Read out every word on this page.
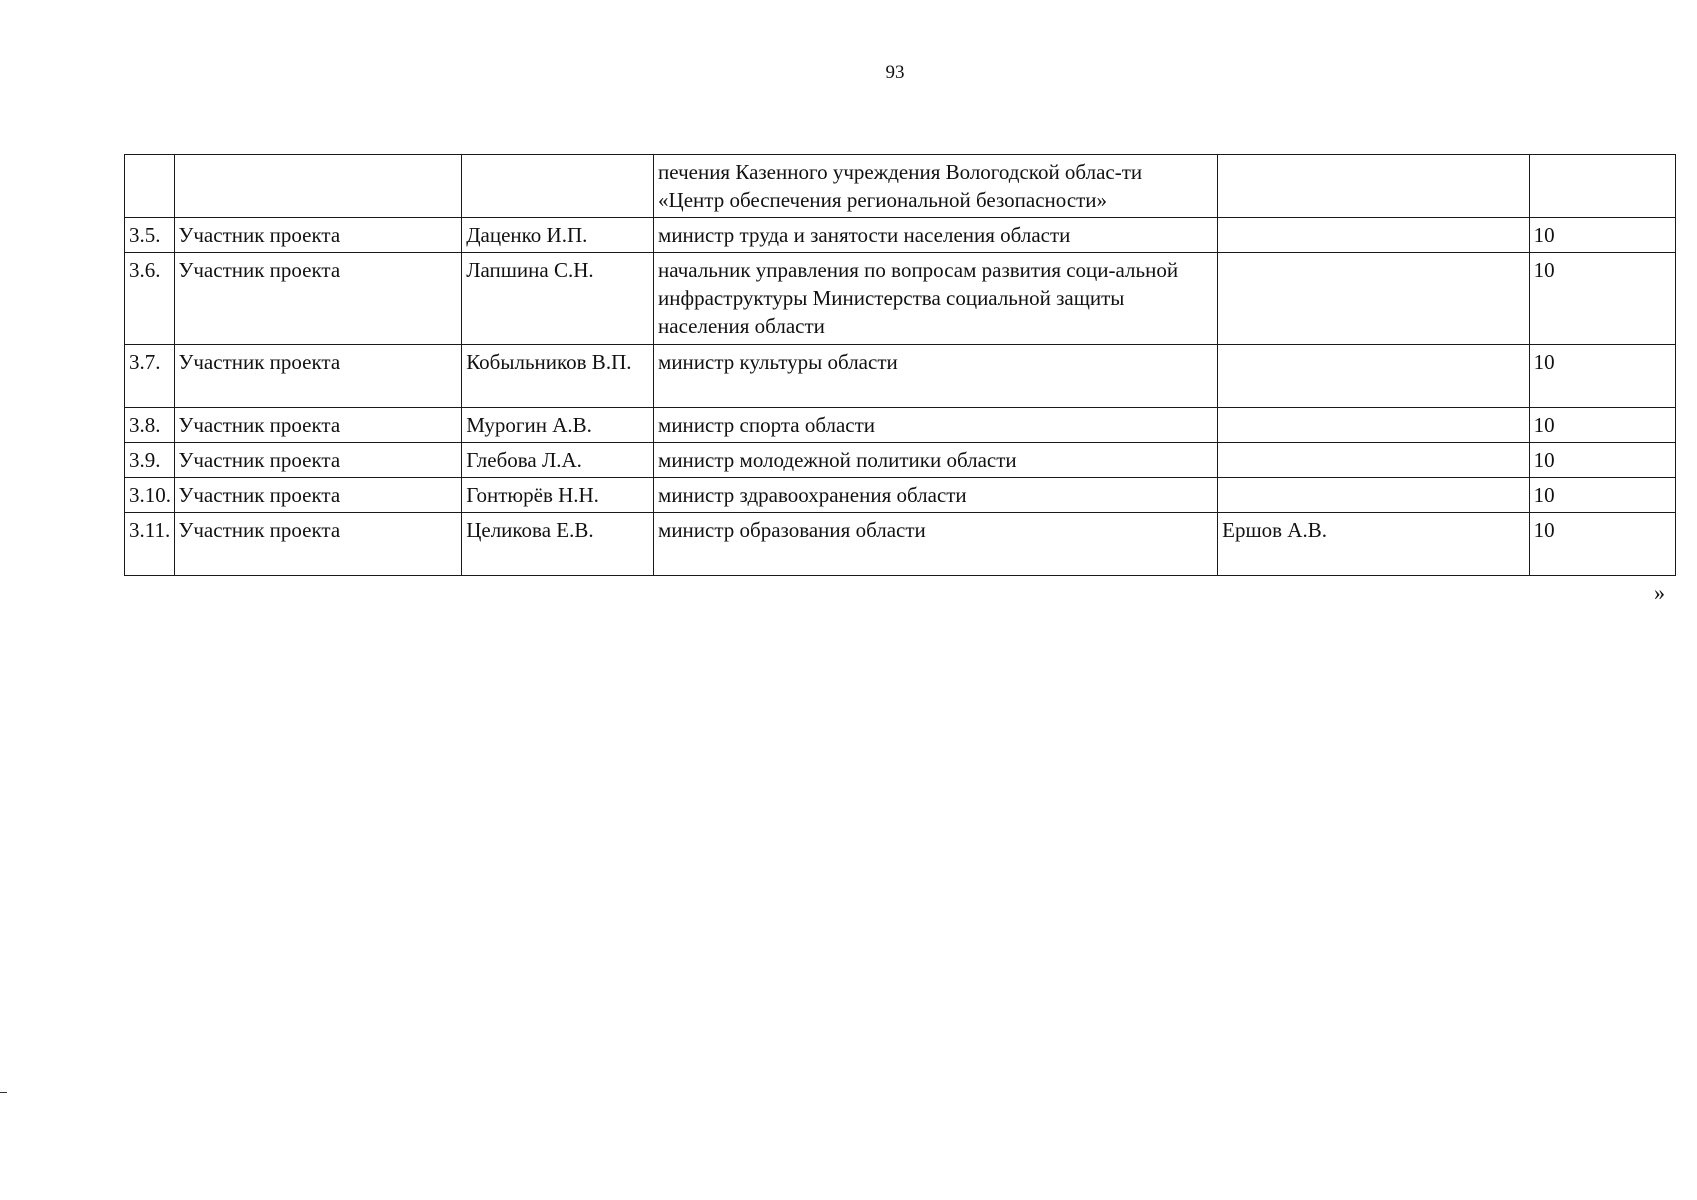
93
			печения Казенного учреждения Вологодской облас-ти «Центр обеспечения региональной безопасности»		
3.5.	Участник проекта	Даценко И.П.	министр труда и занятости населения области		10
3.6.	Участник проекта	Лапшина С.Н.	начальник управления по вопросам развития соци-альной инфраструктуры Министерства социальной защиты населения области		10
3.7.	Участник проекта	Кобыльников В.П.	министр культуры области		10
3.8.	Участник проекта	Мурогин А.В.	министр спорта области		10
3.9.	Участник проекта	Глебова Л.А.	министр молодежной политики области		10
3.10.	Участник проекта	Гонтюрёв Н.Н.	министр здравоохранения области		10
3.11.	Участник проекта	Целикова Е.В.	министр образования области	Ершов А.В.	10
»
